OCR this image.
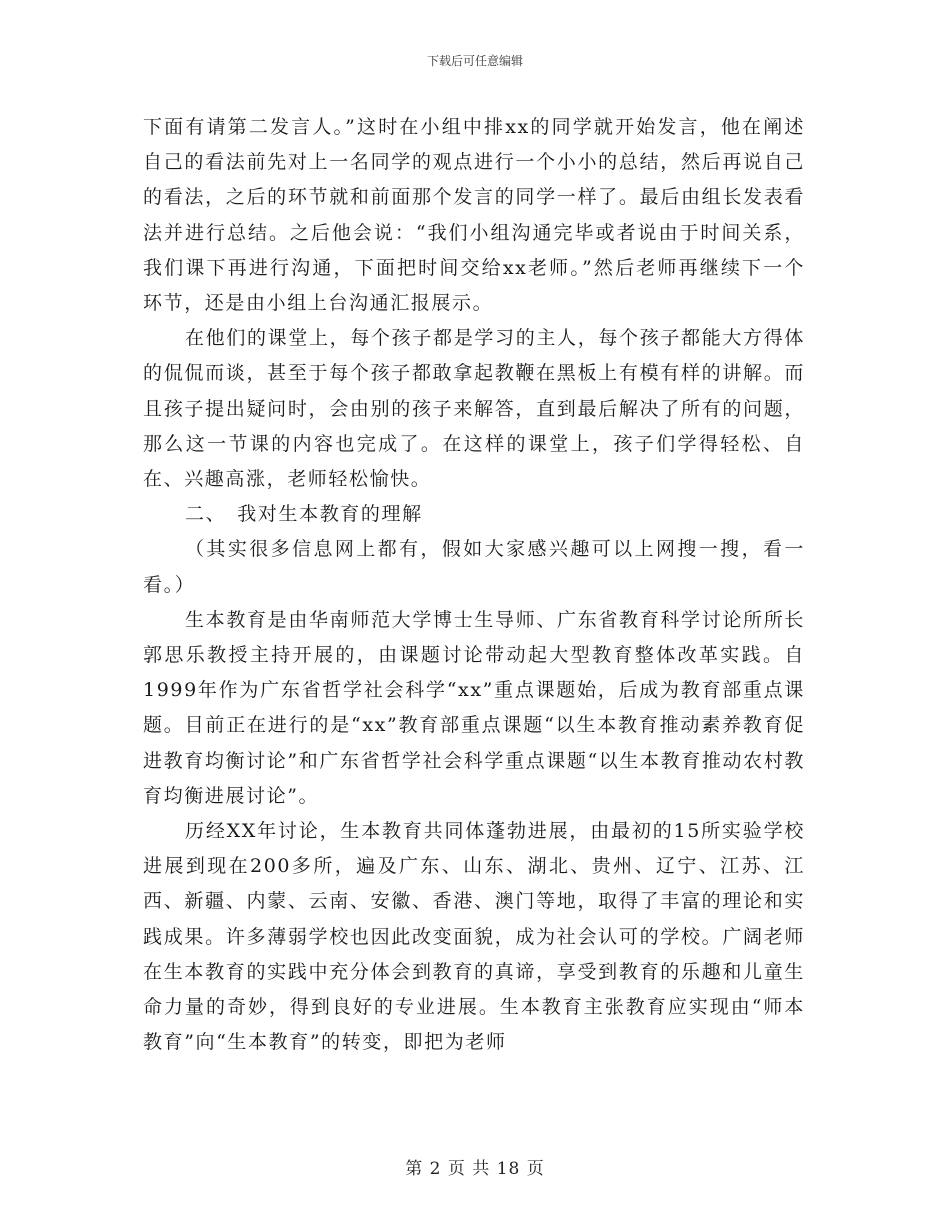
下载后可任意编辑

下面有请第二发言人。”这时在小组中排xx的同学就开始发言，他在阐述自己的看法前先对上一名同学的观点进行一个小小的总结，然后再说自己的看法，之后的环节就和前面那个发言的同学一样了。最后由组长发表看法并进行总结。之后他会说：“我们小组沟通完毕或者说由于时间关系，我们课下再进行沟通，下面把时间交给xx老师。”然后老师再继续下一个环节，还是由小组上台沟通汇报展示。

在他们的课堂上，每个孩子都是学习的主人，每个孩子都能大方得体的侃侃而谈，甚至于每个孩子都敢拿起教鞭在黑板上有模有样的讲解。而且孩子提出疑问时，会由别的孩子来解答，直到最后解决了所有的问题，那么这一节课的内容也完成了。在这样的课堂上，孩子们学得轻松、自在、兴趣高涨，老师轻松愉快。

二、　我对生本教育的理解

（其实很多信息网上都有，假如大家感兴趣可以上网搜一搜，看一看。）

生本教育是由华南师范大学博士生导师、广东省教育科学讨论所所长郭思乐教授主持开展的，由课题讨论带动起大型教育整体改革实践。自1999年作为广东省哲学社会科学“xx”重点课题始，后成为教育部重点课题。目前正在进行的是“xx”教育部重点课题“以生本教育推动素养教育促进教育均衡讨论”和广东省哲学社会科学重点课题“以生本教育推动农村教育均衡进展讨论”。

历经XX年讨论，生本教育共同体蓬勃进展，由最初的15所实验学校进展到现在200多所，遍及广东、山东、湖北、贵州、辽宁、江苏、江西、新疆、内蒙、云南、安徽、香港、澳门等地，取得了丰富的理论和实践成果。许多薄弱学校也因此改变面貌，成为社会认可的学校。广阔老师在生本教育的实践中充分体会到教育的真谛，享受到教育的乐趣和儿童生命力量的奇妙，得到良好的专业进展。生本教育主张教育应实现由“师本教育”向“生本教育”的转变，即把为老师

第 2 页 共 18 页
